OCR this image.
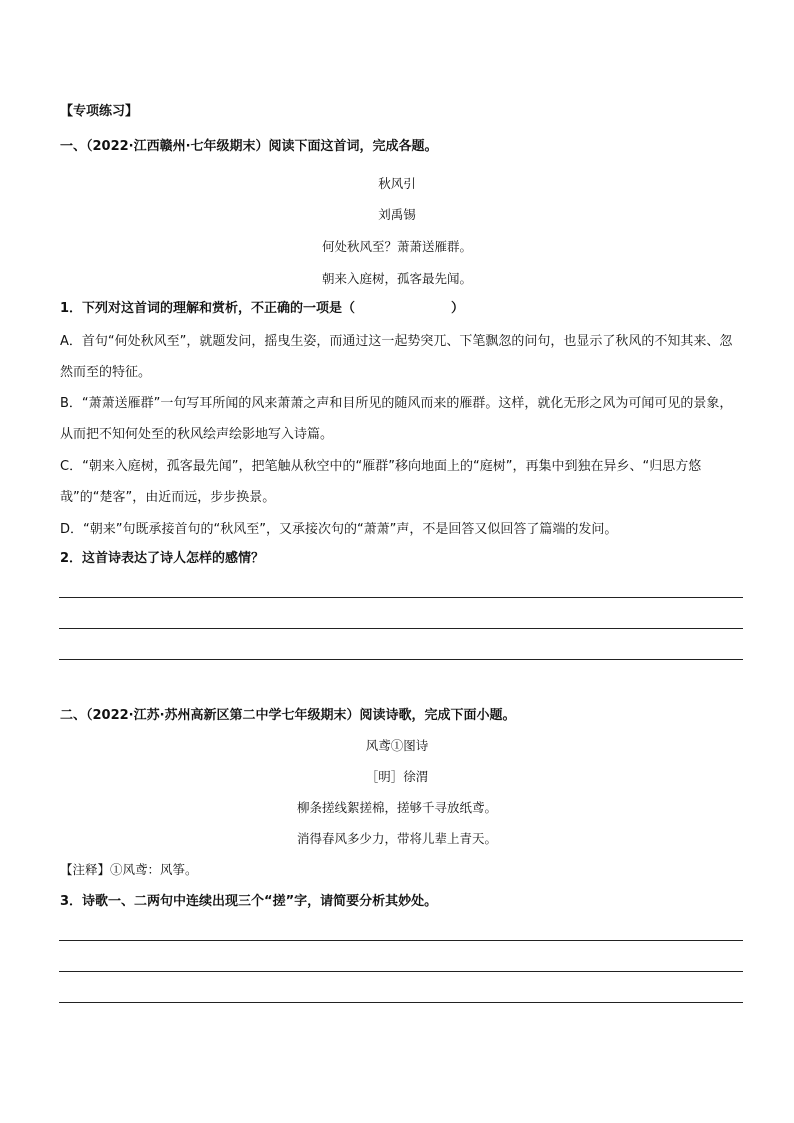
【专项练习】
一、（2022·江西赣州·七年级期末）阅读下面这首词，完成各题。
秋风引
刘禹锡
何处秋风至？萧萧送雁群。
朝来入庭树，孤客最先闻。
1．下列对这首词的理解和赏析，不正确的一项是（	）
A．首句“何处秋风至”，就题发问，摇曳生姿，而通过这一起势突兀、下笔飘忽的问句，也显示了秋风的不知其来、忽然而至的特征。
B．“萧萧送雁群”一句写耳所闻的风来萧萧之声和目所见的随风而来的雁群。这样，就化无形之风为可闻可见的景象，从而把不知何处至的秋风绘声绘影地写入诗篇。
C．“朝来入庭树，孤客最先闻”，把笔触从秋空中的“雁群”移向地面上的“庭树”，再集中到独在异乡、“归思方悠哉”的“楚客”，由近而远，步步换景。
D．“朝来”句既承接首句的“秋风至”，又承接次句的“萧萧”声，不是回答又似回答了篇端的发问。
2．这首诗表达了诗人怎样的感情？
二、（2022·江苏·苏州高新区第二中学七年级期末）阅读诗歌，完成下面小题。
风鸢①图诗
［明］徐渭
柳条搓线絮搓棉，搓够千寻放纸鸢。
消得春风多少力，带将儿辈上青天。
【注释】①风鸢：风筝。
3．诗歌一、二两句中连续出现三个“搓”字，请简要分析其妙处。
